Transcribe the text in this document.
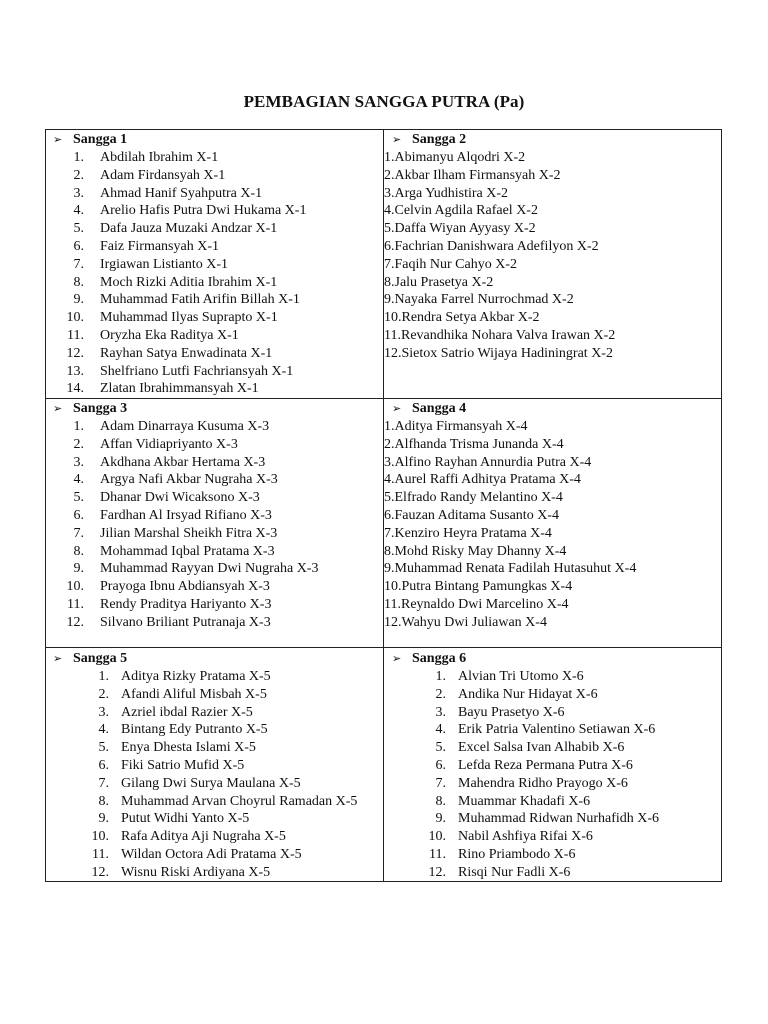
PEMBAGIAN SANGGA PUTRA (Pa)
➢ Sangga 1
1.	Abdilah Ibrahim X-1
2.	Adam Firdansyah X-1
3.	Ahmad Hanif Syahputra X-1
4.	Arelio Hafis Putra Dwi Hukama X-1
5.	Dafa Jauza Muzaki Andzar X-1
6.	Faiz Firmansyah X-1
7.	Irgiawan Listianto X-1
8.	Moch Rizki Aditia Ibrahim X-1
9.	Muhammad Fatih Arifin Billah X-1
10.	Muhammad Ilyas Suprapto X-1
11.	Oryzha Eka Raditya X-1
12.	Rayhan Satya Enwadinata X-1
13.	Shelfriano Lutfi Fachriansyah X-1
14.	Zlatan Ibrahimmansyah X-1
➢ Sangga 2
1. Abimanyu Alqodri X-2
2. Akbar Ilham Firmansyah X-2
3. Arga Yudhistira X-2
4. Celvin Agdila Rafael X-2
5. Daffa Wiyan Ayyasy X-2
6. Fachrian Danishwara Adefilyon X-2
7. Faqih Nur Cahyo X-2
8. Jalu Prasetya X-2
9. Nayaka Farrel Nurrochmad X-2
10. Rendra Setya Akbar X-2
11. Revandhika Nohara Valva Irawan X-2
12. Sietox Satrio Wijaya Hadiningrat X-2
➢ Sangga 3
1.	Adam Dinarraya Kusuma X-3
2.	Affan Vidiapriyanto X-3
3.	Akdhana Akbar Hertama X-3
4.	Argya Nafi Akbar Nugraha X-3
5.	Dhanar Dwi Wicaksono X-3
6.	Fardhan Al Irsyad Rifiano X-3
7.	Jilian Marshal Sheikh Fitra X-3
8.	Mohammad Iqbal Pratama X-3
9.	Muhammad Rayyan Dwi Nugraha X-3
10.	Prayoga Ibnu Abdiansyah X-3
11.	Rendy Praditya Hariyanto X-3
12.	Silvano Briliant Putranaja X-3
➢ Sangga 4
1. Aditya Firmansyah X-4
2. Alfhanda Trisma Junanda X-4
3. Alfino Rayhan Annurdia Putra X-4
4. Aurel Raffi Adhitya Pratama X-4
5. Elfrado Randy Melantino X-4
6. Fauzan Aditama Susanto X-4
7. Kenziro Heyra Pratama X-4
8. Mohd Risky May Dhanny X-4
9. Muhammad Renata Fadilah Hutasuhut X-4
10. Putra Bintang Pamungkas X-4
11. Reynaldo Dwi Marcelino X-4
12. Wahyu Dwi Juliawan X-4
➢ Sangga 5
1. Aditya Rizky Pratama X-5
2. Afandi Aliful Misbah X-5
3. Azriel ibdal Razier X-5
4. Bintang Edy Putranto X-5
5. Enya Dhesta Islami X-5
6. Fiki Satrio Mufid X-5
7. Gilang Dwi Surya Maulana X-5
8. Muhammad Arvan Choyrul Ramadan X-5
9. Putut Widhi Yanto X-5
10. Rafa Aditya Aji Nugraha X-5
11. Wildan Octora Adi Pratama X-5
12. Wisnu Riski Ardiyana X-5
➢ Sangga 6
1. Alvian Tri Utomo X-6
2. Andika Nur Hidayat X-6
3. Bayu Prasetyo X-6
4. Erik Patria Valentino Setiawan X-6
5. Excel Salsa Ivan Alhabib X-6
6. Lefda Reza Permana Putra X-6
7. Mahendra Ridho Prayogo X-6
8. Muammar Khadafi X-6
9. Muhammad Ridwan Nurhafidh X-6
10. Nabil Ashfiya Rifai X-6
11. Rino Priambodo X-6
12. Risqi Nur Fadli X-6
